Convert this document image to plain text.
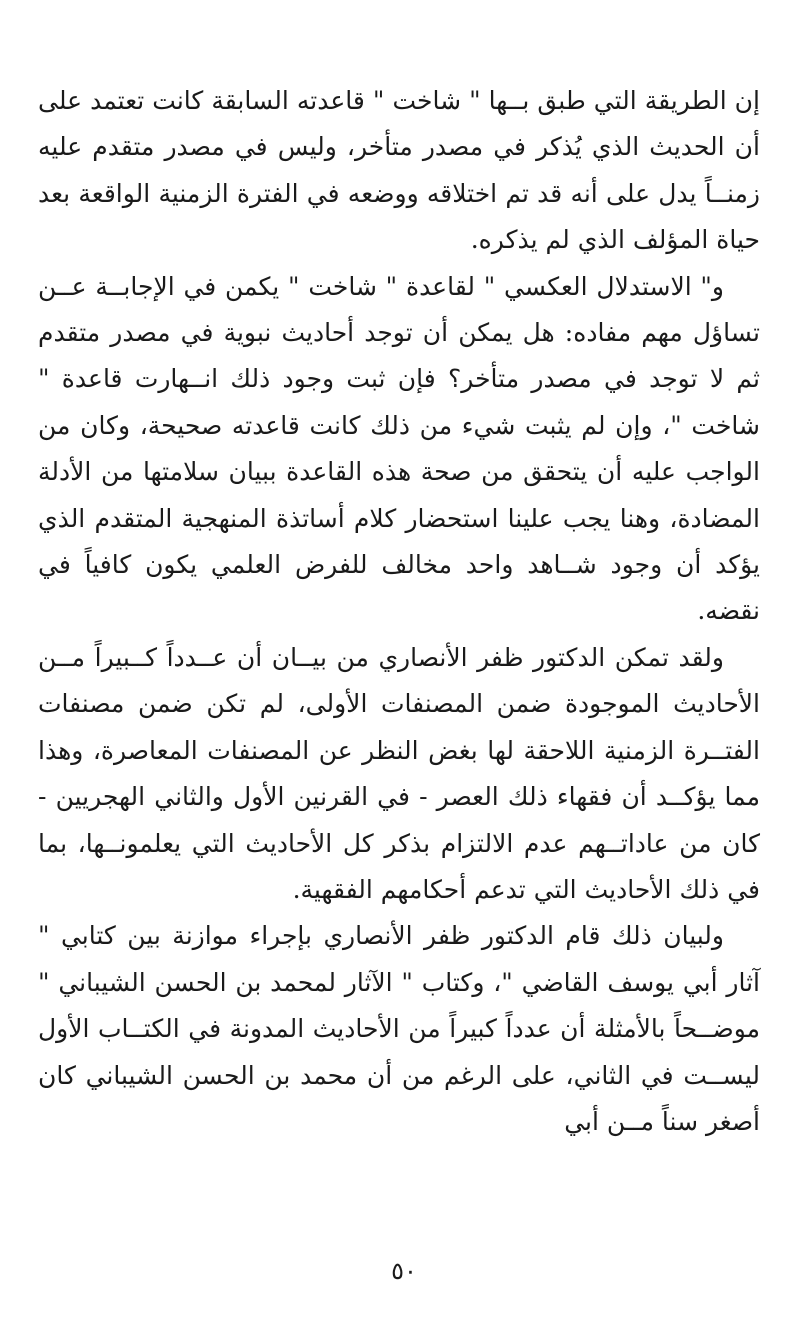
إن الطريقة التي طبق بــها " شاخت " قاعدته السابقة كانت تعتمد على أن الحديث الذي يُذكر في مصدر متأخر، وليس في مصدر متقدم عليه زمنــاً يدل على أنه قد تم اختلاقه ووضعه في الفترة الزمنية الواقعة بعد حياة المؤلف الذي لم يذكره.

و" الاستدلال العكسي " لقاعدة " شاخت " يكمن في الإجابــة عــن تساؤل مهم مفاده: هل يمكن أن توجد أحاديث نبوية في مصدر متقدم ثم لا توجد في مصدر متأخر؟ فإن ثبت وجود ذلك انــهارت قاعدة " شاخت "، وإن لم يثبت شيء من ذلك كانت قاعدته صحيحة، وكان من الواجب عليه أن يتحقق من صحة هذه القاعدة ببيان سلامتها من الأدلة المضادة، وهنا يجب علينا استحضار كلام أساتذة المنهجية المتقدم الذي يؤكد أن وجود شــاهد واحد مخالف للفرض العلمي يكون كافياً في نقضه.

ولقد تمكن الدكتور ظفر الأنصاري من بيــان أن عــدداً كــبيراً مــن الأحاديث الموجودة ضمن المصنفات الأولى، لم تكن ضمن مصنفات الفتــرة الزمنية اللاحقة لها بغض النظر عن المصنفات المعاصرة، وهذا مما يؤكــد أن فقهاء ذلك العصر - في القرنين الأول والثاني الهجريين - كان من عاداتــهم عدم الالتزام بذكر كل الأحاديث التي يعلمونــها، بما في ذلك الأحاديث التي تدعم أحكامهم الفقهية.

ولبيان ذلك قام الدكتور ظفر الأنصاري بإجراء موازنة بين كتابي " آثار أبي يوسف القاضي "، وكتاب " الآثار لمحمد بن الحسن الشيباني " موضــحاً بالأمثلة أن عدداً كبيراً من الأحاديث المدونة في الكتــاب الأول ليســت في الثاني، على الرغم من أن محمد بن الحسن الشيباني كان أصغر سناً مــن أبي

٥٠
